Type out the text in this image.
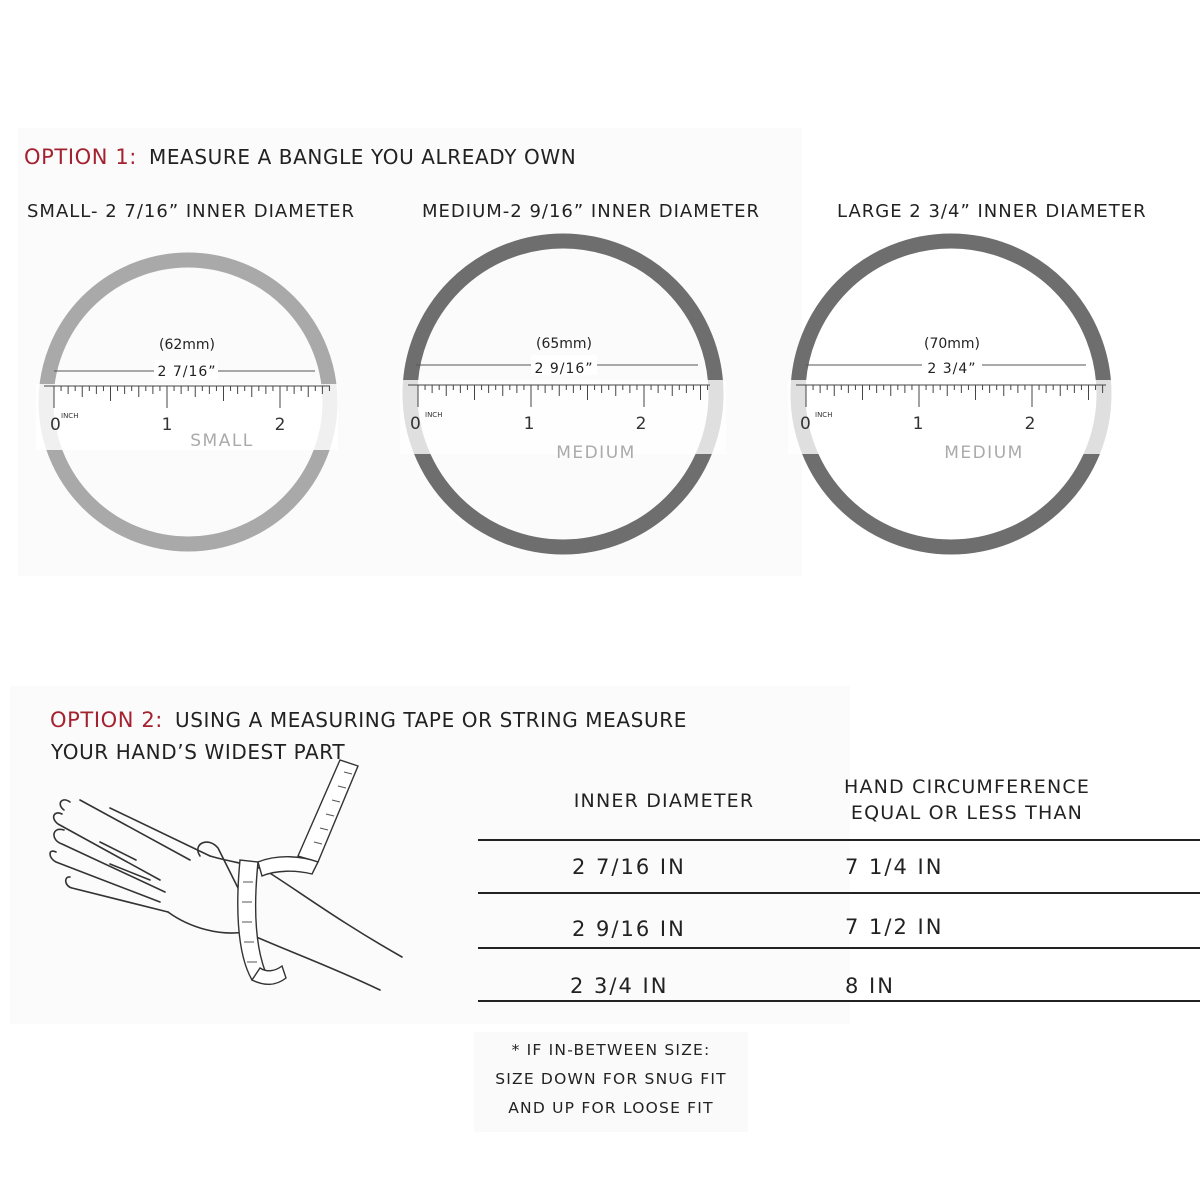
OPTION 1: MEASURE A BANGLE YOU ALREADY OWN
SMALL- 2 7/16” INNER DIAMETER	MEDIUM-2 9/16” INNER DIAMETER	LARGE 2 3/4” INNER DIAMETER
(62mm)
2 7/16”
0 INCH	1	2
SMALL
(65mm)
2 9/16”
0 INCH	1	2
MEDIUM
(70mm)
2 3/4”
0 INCH	1	2
MEDIUM
OPTION 2: USING A MEASURING TAPE OR STRING MEASURE
YOUR HAND’S WIDEST PART
INNER DIAMETER
HAND CIRCUMFERENCE
EQUAL OR LESS THAN
2 7/16 IN	7 1/4 IN
2 9/16 IN	7 1/2 IN
2 3/4 IN	8 IN
* IF IN-BETWEEN SIZE:
SIZE DOWN FOR SNUG FIT
AND UP FOR LOOSE FIT
